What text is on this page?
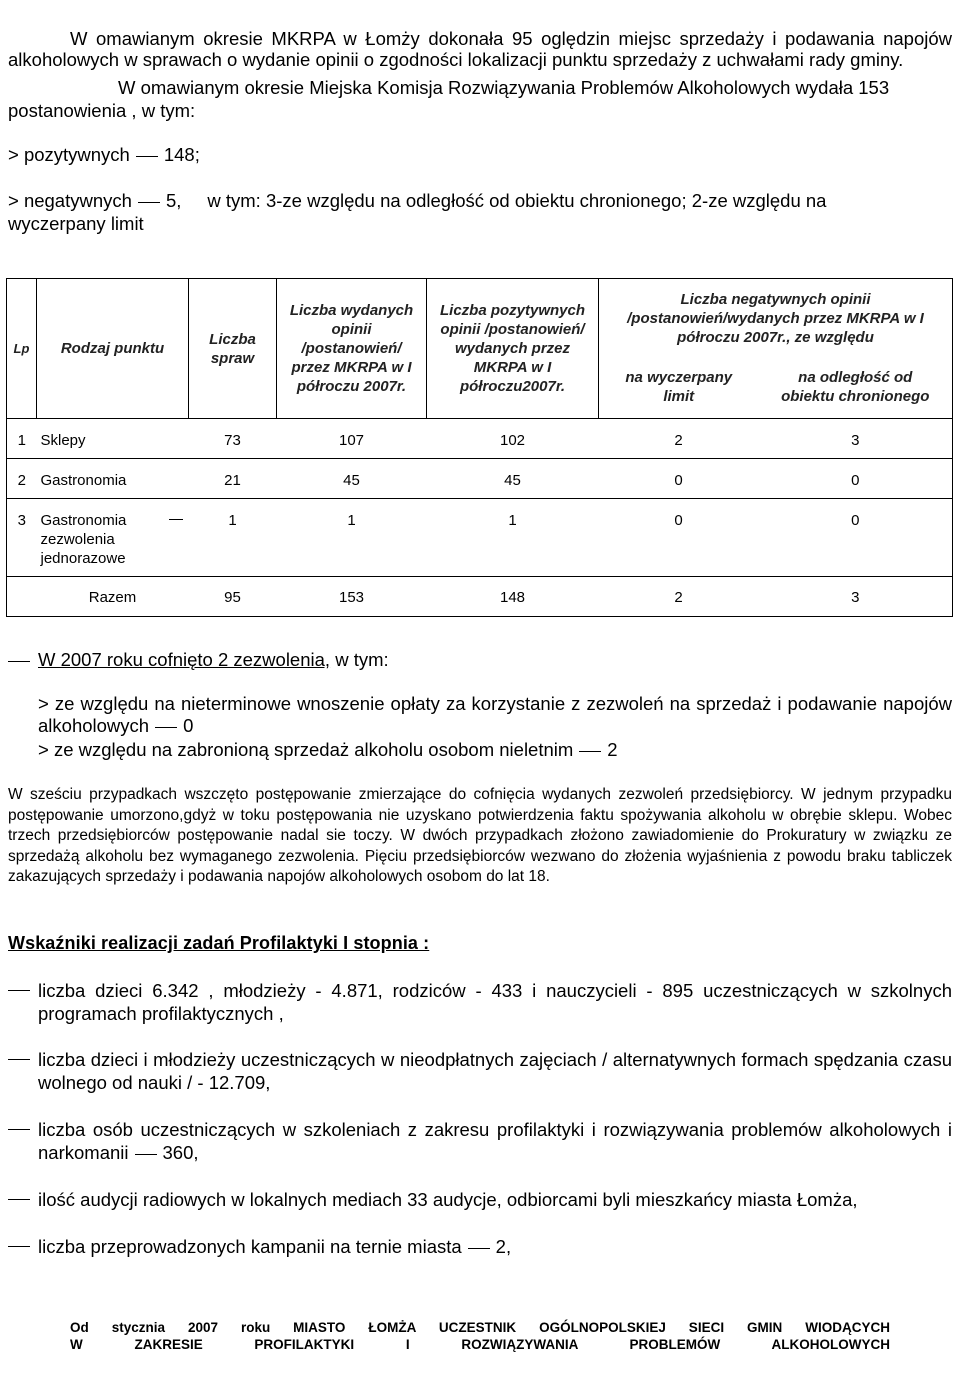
W omawianym okresie MKRPA w Łomży dokonała 95 oględzin miejsc sprzedaży i podawania napojów alkoholowych w sprawach o wydanie opinii o zgodności lokalizacji punktu sprzedaży z uchwałami rady gminy.

W omawianym okresie Miejska Komisja Rozwiązywania Problemów Alkoholowych wydała 153 postanowienia , w tym:

> pozytywnych 148;

> negatywnych 5, w tym: 3-ze względu na odległość od obiektu chronionego; 2-ze względu na

wyczerpany limit

Lp	Rodzaj punktu	Liczba spraw	Liczba wydanych opinii /postanowień/ przez MKRPA w I półroczu 2007r.	Liczba pozytywnych opinii /postanowień/ wydanych przez MKRPA w I półroczu2007r.	Liczba negatywnych opinii /postanowień/wydanych przez MKRPA w I półroczu 2007r., ze względu	
					na wyczerpany limit	na odległość od obiektu chronionego
1	Sklepy	73	107	102	2	3
2	Gastronomia	21	45	45	0	0
3	Gastronomia zezwolenia jednorazowe	1	1	1	0	0
	Razem	95	153	148	2	3

W 2007 roku cofnięto 2 zezwolenia, w tym:

> ze względu na nieterminowe wnoszenie opłaty za korzystanie z zezwoleń na sprzedaż i podawanie napojów alkoholowych 0

> ze względu na zabronioną sprzedaż alkoholu osobom nieletnim 2

W sześciu przypadkach wszczęto postępowanie zmierzające do cofnięcia wydanych zezwoleń przedsiębiorcy. W jednym przypadku postępowanie umorzono,gdyż w toku postępowania nie uzyskano potwierdzenia faktu spożywania alkoholu w obrębie sklepu. Wobec trzech przedsiębiorców postępowanie nadal sie toczy. W dwóch przypadkach złożono zawiadomienie do Prokuratury w związku ze sprzedażą alkoholu bez wymaganego zezwolenia. Pięciu przedsiębiorców wezwano do złożenia wyjaśnienia z powodu braku tabliczek zakazujących sprzedaży i podawania napojów alkoholowych osobom do lat 18.

Wskaźniki realizacji zadań Profilaktyki I stopnia :

liczba dzieci 6.342 , młodzieży - 4.871, rodziców - 433 i nauczycieli - 895 uczestniczących w szkolnych programach profilaktycznych ,
liczba dzieci i młodzieży uczestniczących w nieodpłatnych zajęciach / alternatywnych formach spędzania czasu wolnego od nauki / - 12.709,
liczba osób uczestniczących w szkoleniach z zakresu profilaktyki i rozwiązywania problemów alkoholowych i narkomanii 360,
ilość audycji radiowych w lokalnych mediach 33 audycje, odbiorcami byli mieszkańcy miasta Łomża,
liczba przeprowadzonych kampanii na ternie miasta 2,

Od stycznia 2007 roku MIASTO ŁOMŻA UCZESTNIK OGÓLNOPOLSKIEJ SIECI GMIN WIODĄCYCH

W ZAKRESIE PROFILAKTYKI I ROZWIĄZYWANIA PROBLEMÓW ALKOHOLOWYCH
